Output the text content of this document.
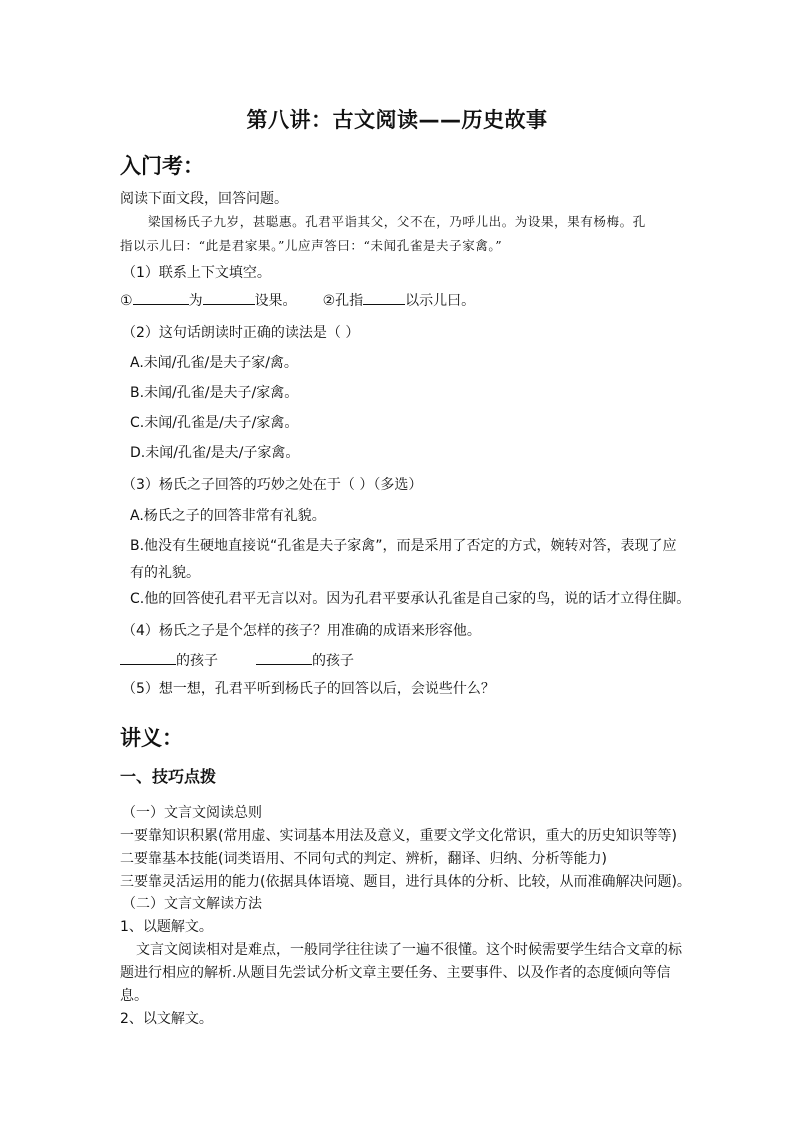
第八讲：古文阅读——历史故事
入门考：
阅读下面文段，回答问题。
梁国杨氏子九岁，甚聪惠。孔君平诣其父，父不在，乃呼儿出。为设果，果有杨梅。孔
指以示儿曰：“此是君家果。”儿应声答曰：“未闻孔雀是夫子家禽。”
（1）联系上下文填空。
①	为	设果。 ②孔指	以示儿曰。
（2）这句话朗读时正确的读法是（ ）
A.未闻/孔雀/是夫子家/禽。
B.未闻/孔雀/是夫子/家禽。
C.未闻/孔雀是/夫子/家禽。
D.未闻/孔雀/是夫/子家禽。
（3）杨氏之子回答的巧妙之处在于（ ）（多选）
A.杨氏之子的回答非常有礼貌。
B.他没有生硬地直接说“孔雀是夫子家禽”，而是采用了否定的方式，婉转对答，表现了应
有的礼貌。
C.他的回答使孔君平无言以对。因为孔君平要承认孔雀是自己家的鸟，说的话才立得住脚。
（4）杨氏之子是个怎样的孩子？用准确的成语来形容他。
的孩子	的孩子
（5）想一想，孔君平听到杨氏子的回答以后，会说些什么？
讲义：
一、技巧点拨
（一）文言文阅读总则
一要靠知识积累(常用虚、实词基本用法及意义，重要文学文化常识，重大的历史知识等等)
二要靠基本技能(词类语用、不同句式的判定、辨析，翻译、归纳、分析等能力)
三要靠灵活运用的能力(依据具体语境、题目，进行具体的分析、比较，从而准确解决问题)。
（二）文言文解读方法
1、以题解文。
文言文阅读相对是难点，一般同学往往读了一遍不很懂。这个时候需要学生结合文章的标
题进行相应的解析.从题目先尝试分析文章主要任务、主要事件、以及作者的态度倾向等信
息。
2、以文解文。
